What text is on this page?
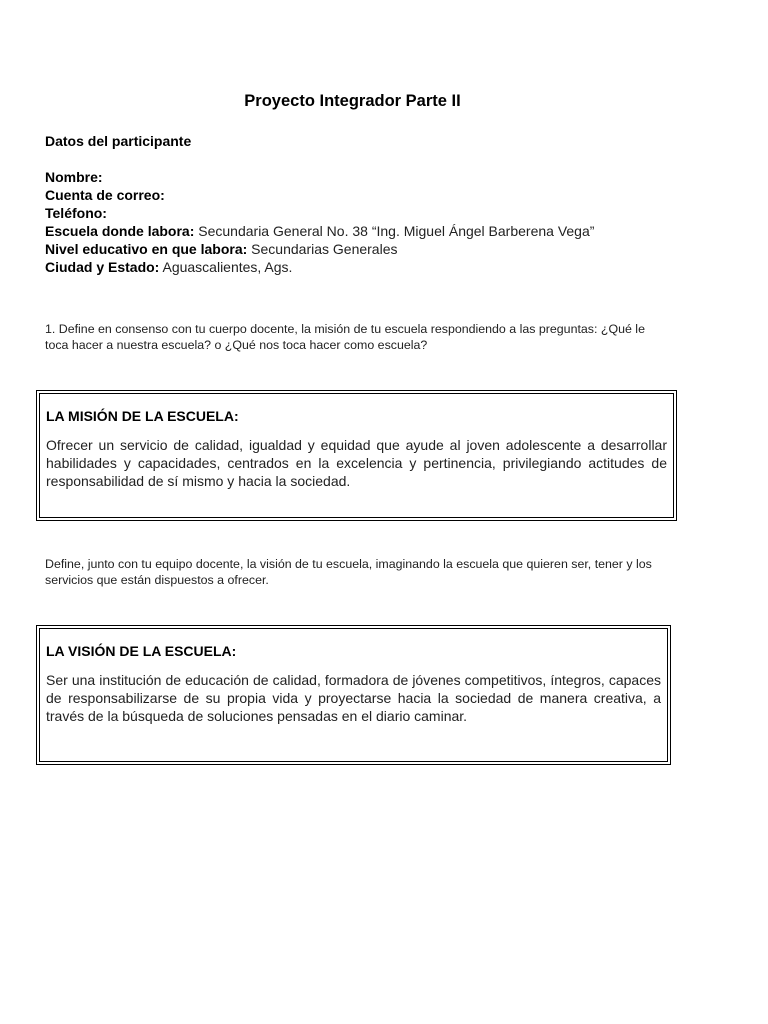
Proyecto Integrador Parte II
Datos del participante
Nombre:
Cuenta de correo:
Teléfono:
Escuela donde labora: Secundaria General No. 38 “Ing. Miguel Ángel Barberena Vega”
Nivel educativo en que labora: Secundarias Generales
Ciudad y Estado: Aguascalientes, Ags.
1. Define en consenso con tu cuerpo docente, la misión de tu escuela respondiendo a las preguntas: ¿Qué le toca hacer a nuestra escuela? o ¿Qué nos toca hacer como escuela?
LA MISIÓN DE LA ESCUELA:
Ofrecer un servicio de calidad, igualdad y equidad que ayude al joven adolescente a desarrollar habilidades y capacidades, centrados en la excelencia y pertinencia, privilegiando actitudes de responsabilidad de sí mismo y hacia la sociedad.
Define, junto con tu equipo docente, la visión de tu escuela, imaginando la escuela que quieren ser, tener y los servicios que están dispuestos a ofrecer.
LA VISIÓN DE LA ESCUELA:
Ser una institución de educación de calidad, formadora de jóvenes competitivos, íntegros, capaces de responsabilizarse de su propia vida y proyectarse hacia la sociedad de manera creativa, a través de la búsqueda de soluciones pensadas en el diario caminar.
